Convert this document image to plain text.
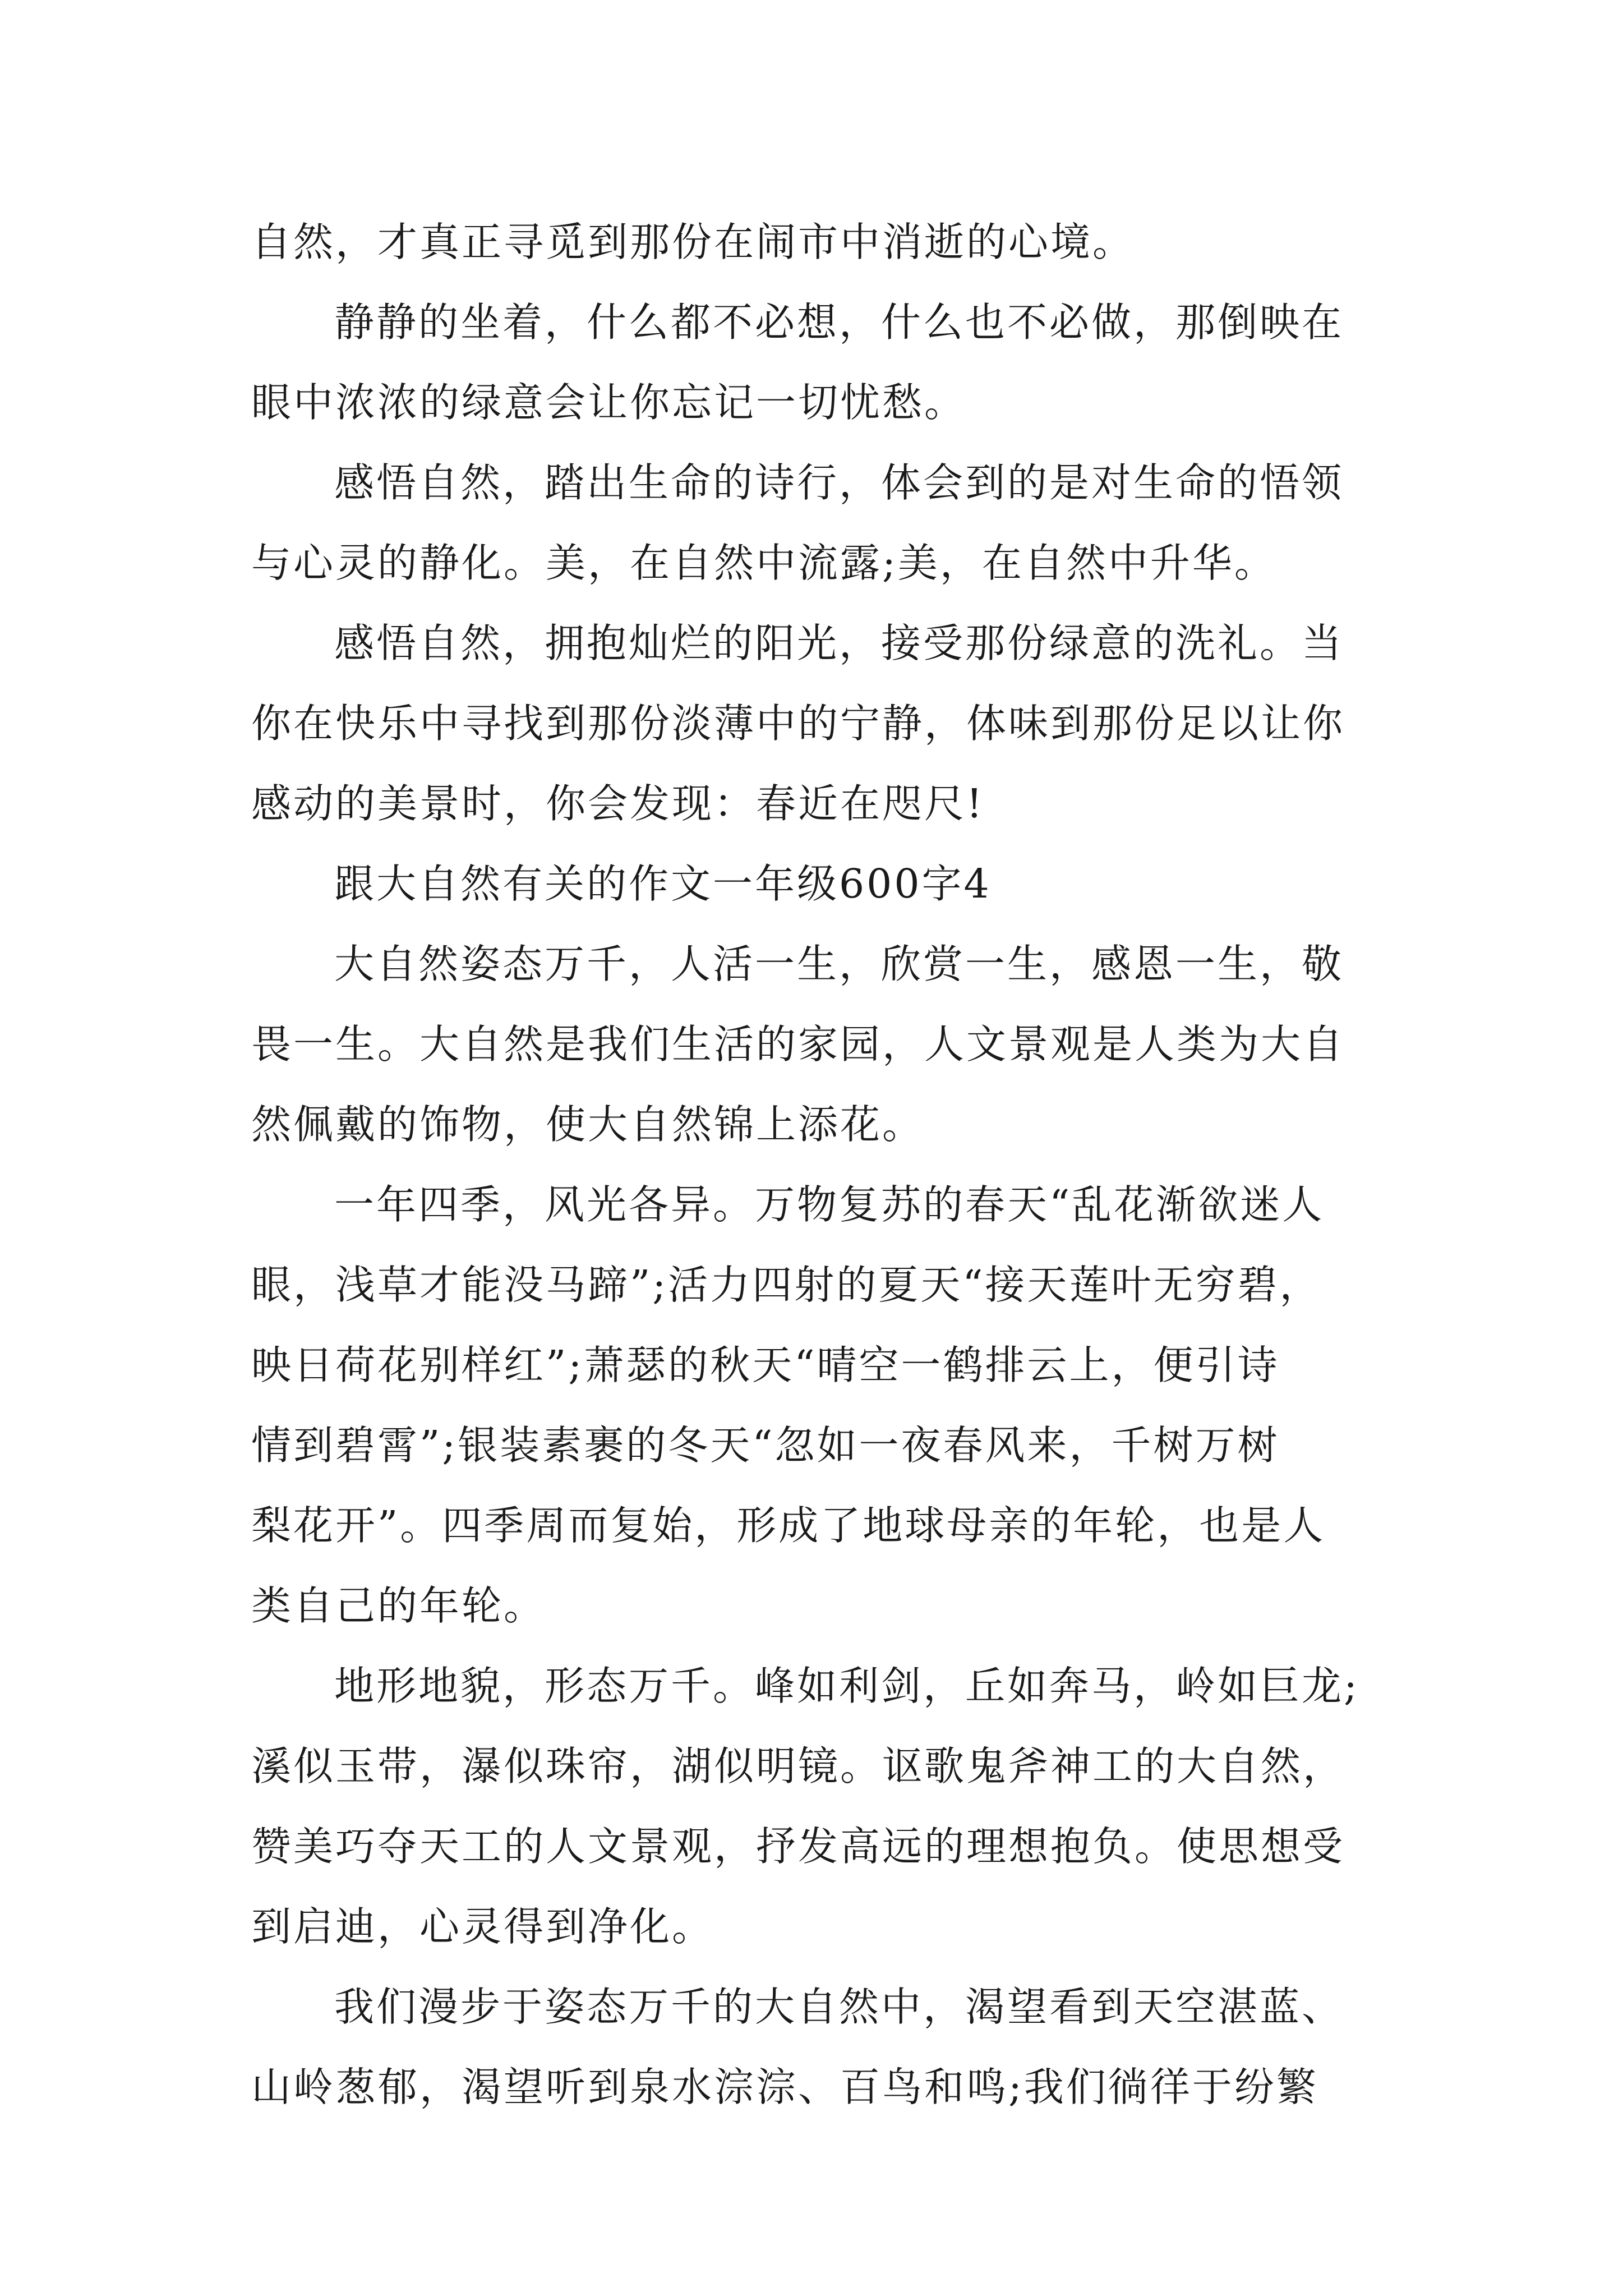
自然，才真正寻觅到那份在闹市中消逝的心境。
静静的坐着，什么都不必想，什么也不必做，那倒映在
眼中浓浓的绿意会让你忘记一切忧愁。
感悟自然，踏出生命的诗行，体会到的是对生命的悟领
与心灵的静化。美，在自然中流露;美，在自然中升华。
感悟自然，拥抱灿烂的阳光，接受那份绿意的洗礼。当
你在快乐中寻找到那份淡薄中的宁静，体味到那份足以让你
感动的美景时，你会发现：春近在咫尺!
跟大自然有关的作文一年级600字4
大自然姿态万千，人活一生，欣赏一生，感恩一生，敬
畏一生。大自然是我们生活的家园，人文景观是人类为大自
然佩戴的饰物，使大自然锦上添花。
一年四季，风光各异。万物复苏的春天“乱花渐欲迷人
眼，浅草才能没马蹄”;活力四射的夏天“接天莲叶无穷碧，
映日荷花别样红”;萧瑟的秋天“晴空一鹤排云上，便引诗
情到碧霄”;银装素裹的冬天“忽如一夜春风来，千树万树
梨花开”。四季周而复始，形成了地球母亲的年轮，也是人
类自己的年轮。
地形地貌，形态万千。峰如利剑，丘如奔马，岭如巨龙;
溪似玉带，瀑似珠帘，湖似明镜。讴歌鬼斧神工的大自然，
赞美巧夺天工的人文景观，抒发高远的理想抱负。使思想受
到启迪，心灵得到净化。
我们漫步于姿态万千的大自然中，渴望看到天空湛蓝、
山岭葱郁，渴望听到泉水淙淙、百鸟和鸣;我们徜徉于纷繁
